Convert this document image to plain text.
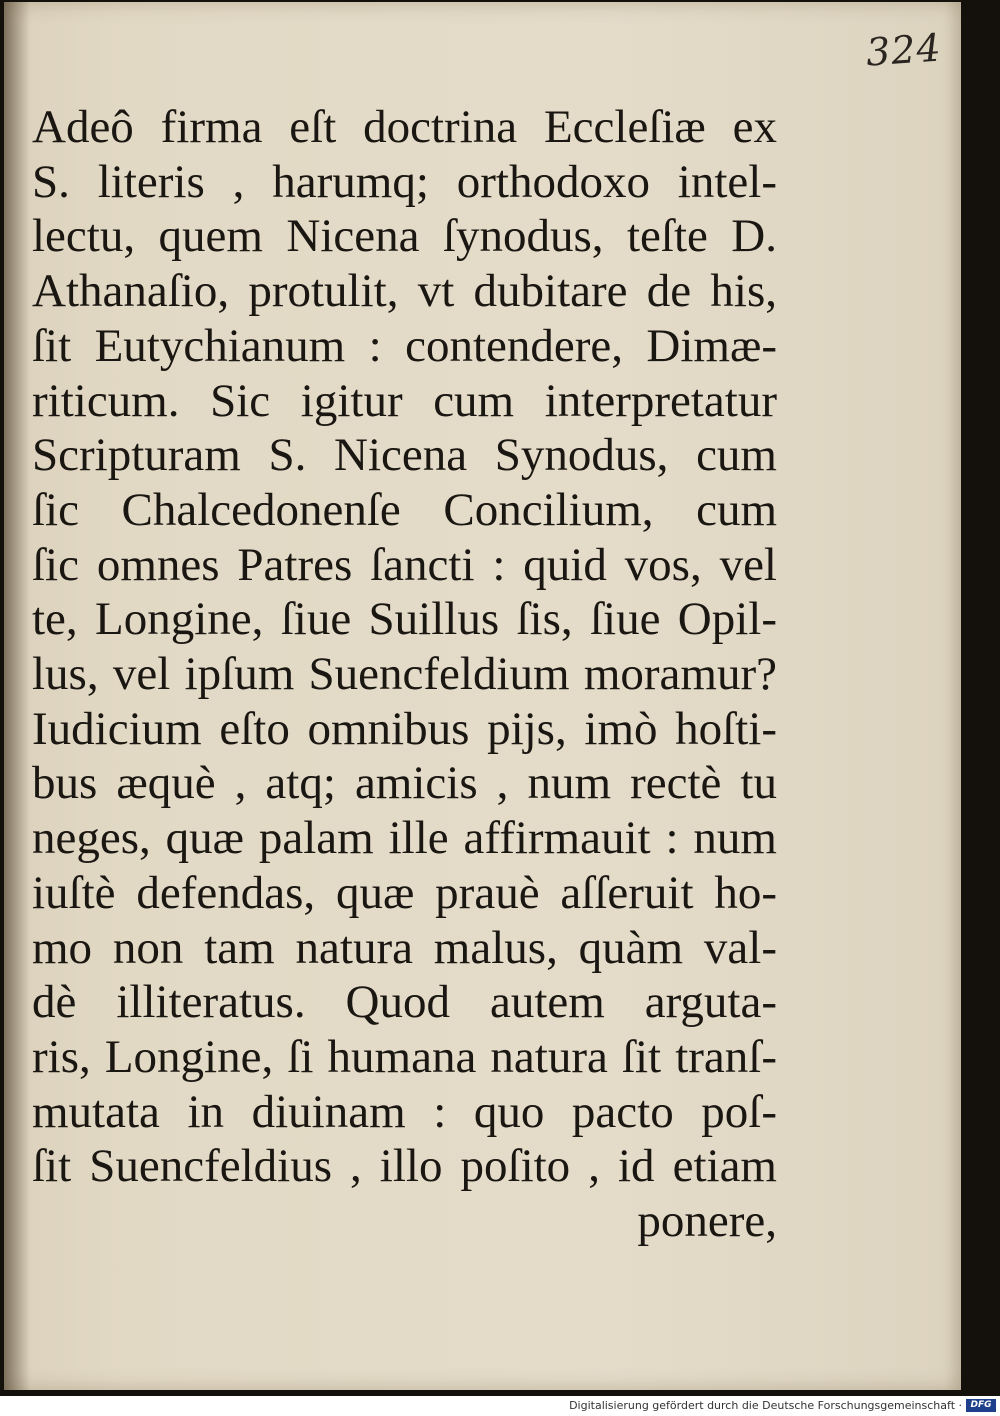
324
Adeô firma eſt doctrina Eccleſiæ ex
S. literis , harumq; orthodoxo intel-
lectu, quem Nicena ſynodus, teſte D.
Athanaſio, protulit, vt dubitare de his,
ſit Eutychianum : contendere, Dimæ-
riticum. Sic igitur cum interpretatur
Scripturam S. Nicena Synodus, cum
ſic Chalcedonenſe Concilium, cum
ſic omnes Patres ſancti : quid vos, vel
te, Longine, ſiue Suillus ſis, ſiue Opil-
lus, vel ipſum Suencfeldium moramur?
Iudicium eſto omnibus pijs, imò hoſti-
bus æquè , atq; amicis , num rectè tu
neges, quæ palam ille affirmauit : num
iuſtè defendas, quæ prauè aſſeruit ho-
mo non tam natura malus, quàm val-
dè illiteratus. Quod autem arguta-
ris, Longine, ſi humana natura ſit tranſ-
mutata in diuinam : quo pacto poſ-
ſit Suencfeldius , illo poſito , id etiam
ponere,
Digitalisierung gefördert durch die Deutsche Forschungsgemeinschaft · DFG
